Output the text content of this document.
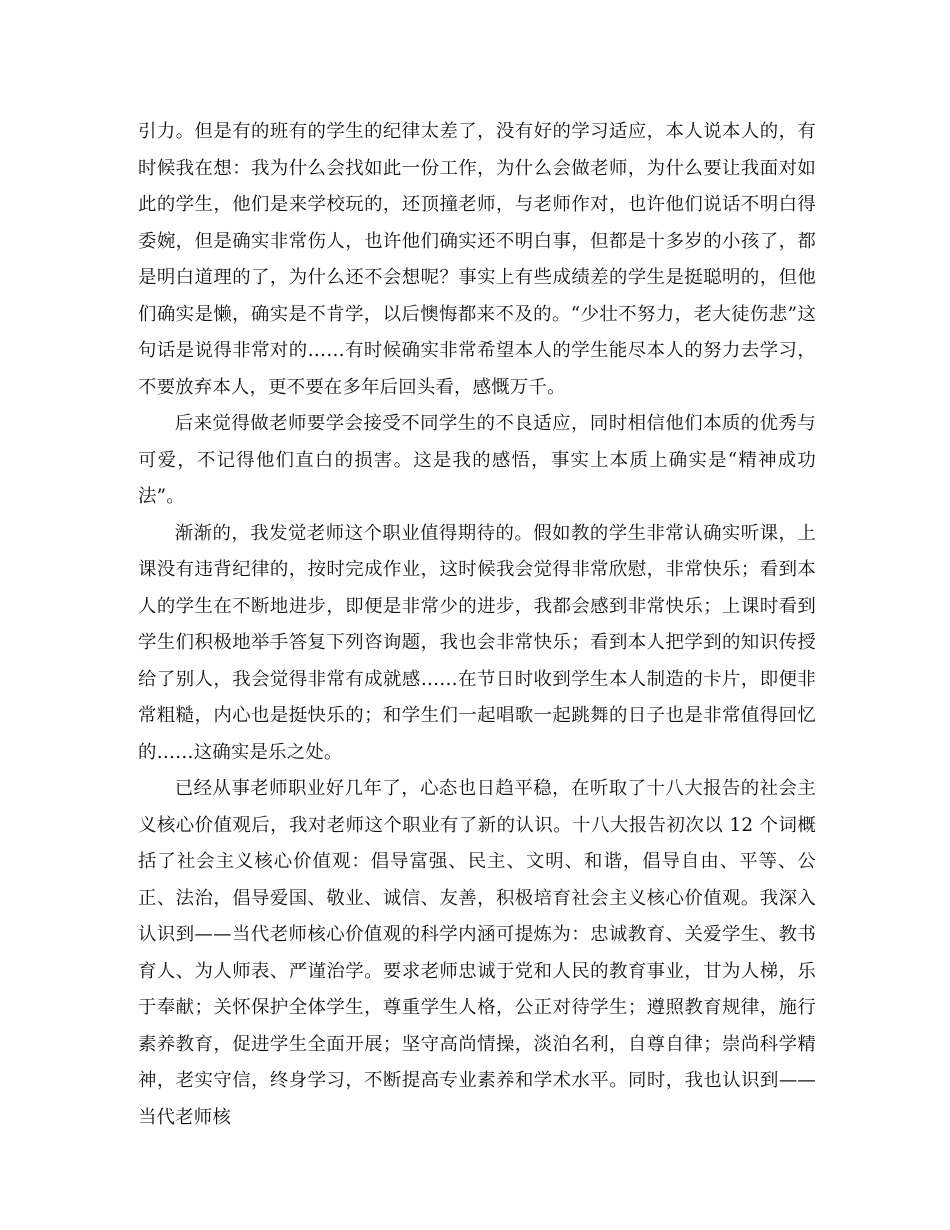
引力。但是有的班有的学生的纪律太差了，没有好的学习适应，本人说本人的，有时候我在想：我为什么会找如此一份工作，为什么会做老师，为什么要让我面对如此的学生，他们是来学校玩的，还顶撞老师，与老师作对，也许他们说话不明白得委婉，但是确实非常伤人，也许他们确实还不明白事，但都是十多岁的小孩了，都是明白道理的了，为什么还不会想呢？事实上有些成绩差的学生是挺聪明的，但他们确实是懒，确实是不肯学，以后懊悔都来不及的。“少壮不努力，老大徒伤悲”这句话是说得非常对的……有时候确实非常希望本人的学生能尽本人的努力去学习，不要放弃本人，更不要在多年后回头看，感慨万千。

后来觉得做老师要学会接受不同学生的不良适应，同时相信他们本质的优秀与可爱，不记得他们直白的损害。这是我的感悟，事实上本质上确实是“精神成功法”。

渐渐的，我发觉老师这个职业值得期待的。假如教的学生非常认确实听课，上课没有违背纪律的，按时完成作业，这时候我会觉得非常欣慰，非常快乐；看到本人的学生在不断地进步，即便是非常少的进步，我都会感到非常快乐；上课时看到学生们积极地举手答复下列咨询题，我也会非常快乐；看到本人把学到的知识传授给了别人，我会觉得非常有成就感……在节日时收到学生本人制造的卡片，即便非常粗糙，内心也是挺快乐的；和学生们一起唱歌一起跳舞的日子也是非常值得回忆的……这确实是乐之处。

已经从事老师职业好几年了，心态也日趋平稳，在听取了十八大报告的社会主义核心价值观后，我对老师这个职业有了新的认识。十八大报告初次以 12 个词概括了社会主义核心价值观：倡导富强、民主、文明、和谐，倡导自由、平等、公正、法治，倡导爱国、敬业、诚信、友善，积极培育社会主义核心价值观。我深入认识到——当代老师核心价值观的科学内涵可提炼为：忠诚教育、关爱学生、教书育人、为人师表、严谨治学。要求老师忠诚于党和人民的教育事业，甘为人梯，乐于奉献；关怀保护全体学生，尊重学生人格，公正对待学生；遵照教育规律，施行素养教育，促进学生全面开展；坚守高尚情操，淡泊名利，自尊自律；崇尚科学精神，老实守信，终身学习，不断提高专业素养和学术水平。同时，我也认识到——当代老师核
